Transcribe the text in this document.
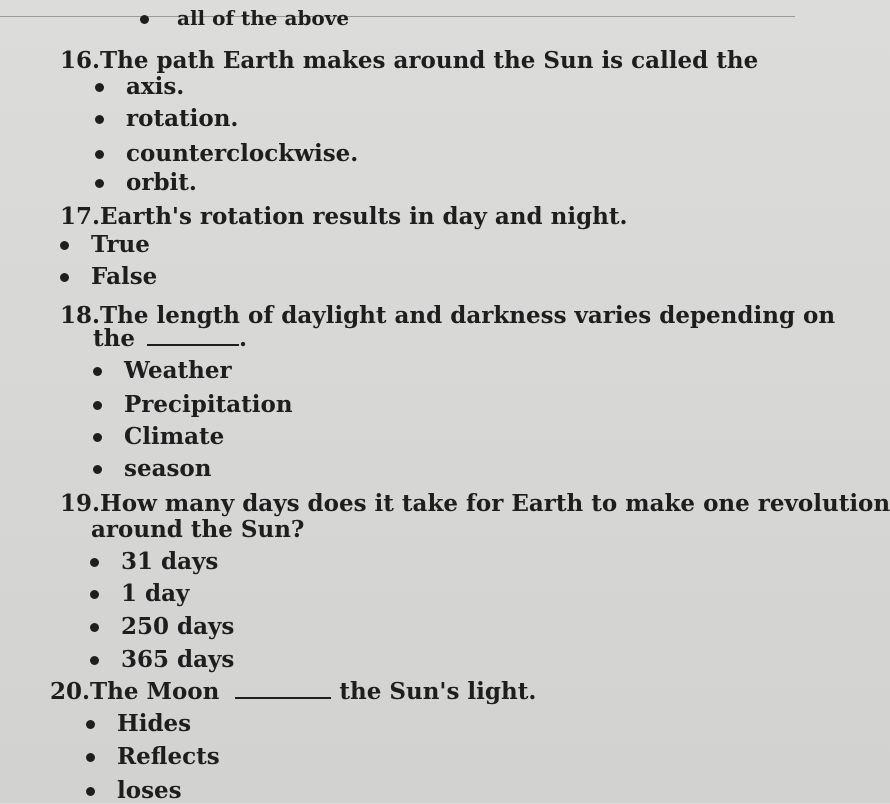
all of the above
16.The path Earth makes around the Sun is called the
axis.
rotation.
counterclockwise.
orbit.
17.Earth's rotation results in day and night.
True
False
18.The length of daylight and darkness varies depending on
the	.
Weather
Precipitation
Climate
season
19.How many days does it take for Earth to make one revolution
around the Sun?
31 days
1 day
250 days
365 days
20.The Moon	the Sun's light.
Hides
Reflects
loses
